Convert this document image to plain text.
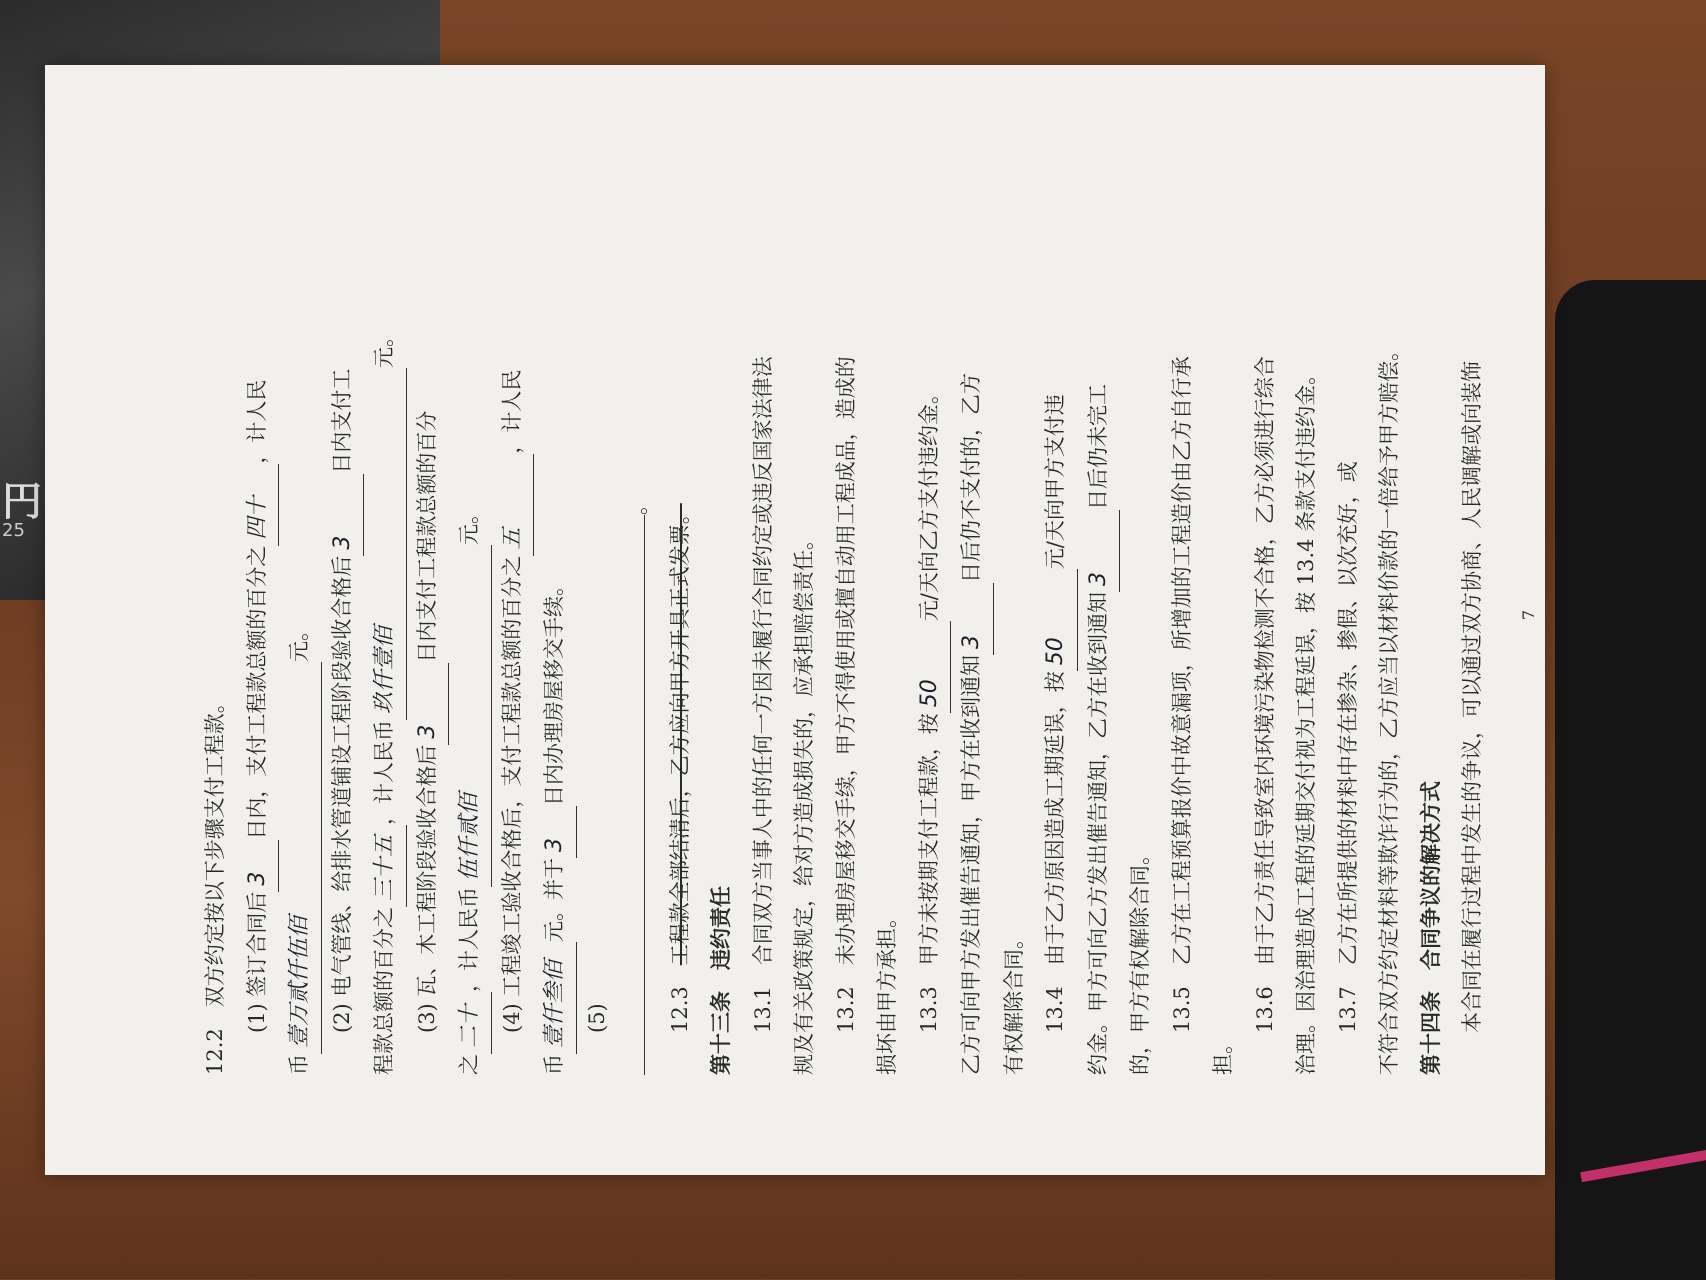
円
25
12.2　双方约定按以下步骤支付工程款。 (1) 签订合同后3日内，支付工程款总额的百分之四十，计人民
币壹万贰仟伍佰元。 (2) 电气管线、给排水管道铺设工程阶段验收合格后3日内支付工
程款总额的百分之三十五，计人民币玖仟壹佰元。
(3) 瓦、木工程阶段验收合格后3日内支付工程款总额的百分
之二十，计人民币伍仟贰佰元。
(4) 工程竣工验收合格后，支付工程款总额的百分之五，计人民
币壹仟叁佰元。并于3日内办理房屋移交手续。
(5)
。
12.3　工程款全部结清后，乙方应向甲方开具正式发票。
第十三条　违约责任 13.1　合同双方当事人中的任何一方因未履行合同约定或违反国家法律法 规及有关政策规定，给对方造成损失的，应承担赔偿责任。 13.2　未办理房屋移交手续，甲方不得使用或擅自动用工程成品，造成的 损坏由甲方承担。 13.3　甲方未按期支付工程款，按50元/天向乙方支付违约金。
乙方可向甲方发出催告通知，甲方在收到通知3日后仍不支付的，乙方
有权解除合同。 13.4　由于乙方原因造成工期延误，按50元/天向甲方支付违
约金。甲方可向乙方发出催告通知，乙方在收到通知3日后仍未完工
的，甲方有权解除合同。 13.5　乙方在工程预算报价中故意漏项，所增加的工程造价由乙方自行承
担。
13.6　由于乙方责任导致室内环境污染物检测不合格，乙方必须进行综合 治理。因治理造成工程的延期交付视为工程延误，按 13.4 条款支付违约金。 13.7　乙方在所提供的材料中存在掺杂、掺假、以次充好，或 不符合双方约定材料等欺诈行为的，乙方应当以材料价款的一倍给予甲方赔偿。 第十四条　合同争议的解决方式 本合同在履行过程中发生的争议，可以通过双方协商、人民调解或向装饰	7
